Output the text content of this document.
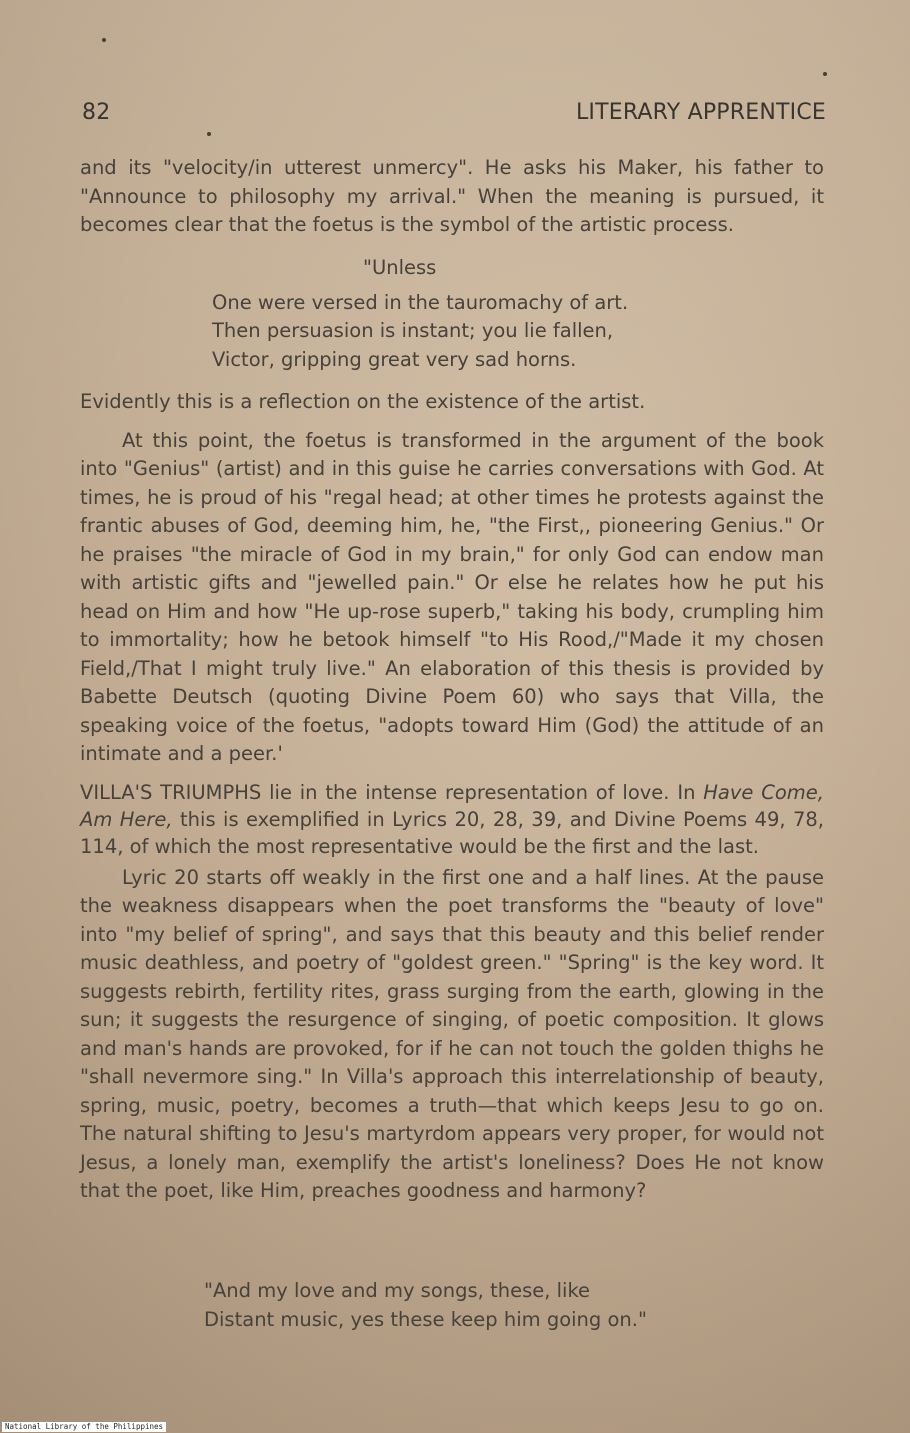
82	LITERARY APPRENTICE

and its "velocity/in utterest unmercy". He asks his Maker, his father to "Announce to philosophy my arrival." When the meaning is pursued, it becomes clear that the foetus is the symbol of the artistic process.

"Unless
One were versed in the tauromachy of art.
Then persuasion is instant; you lie fallen,
Victor, gripping great very sad horns.

Evidently this is a reflection on the existence of the artist.

At this point, the foetus is transformed in the argument of the book into "Genius" (artist) and in this guise he carries conversations with God. At times, he is proud of his "regal head; at other times he protests against the frantic abuses of God, deeming him, he, "the First,, pioneering Genius." Or he praises "the miracle of God in my brain," for only God can endow man with artistic gifts and "jewelled pain." Or else he relates how he put his head on Him and how "He up-rose superb," taking his body, crumpling him to immortality; how he betook himself "to His Rood,/"Made it my chosen Field,/That I might truly live." An elaboration of this thesis is provided by Babette Deutsch (quoting Divine Poem 60) who says that Villa, the speaking voice of the foetus, "adopts toward Him (God) the attitude of an intimate and a peer.'

VILLA'S TRIUMPHS lie in the intense representation of love. In Have Come, Am Here, this is exemplified in Lyrics 20, 28, 39, and Divine Poems 49, 78, 114, of which the most representative would be the first and the last.

Lyric 20 starts off weakly in the first one and a half lines. At the pause the weakness disappears when the poet transforms the "beauty of love" into "my belief of spring", and says that this beauty and this belief render music deathless, and poetry of "goldest green." "Spring" is the key word. It suggests rebirth, fertility rites, grass surging from the earth, glowing in the sun; it suggests the resurgence of singing, of poetic composition. It glows and man's hands are provoked, for if he can not touch the golden thighs he "shall nevermore sing." In Villa's approach this interrelationship of beauty, spring, music, poetry, becomes a truth—that which keeps Jesu to go on. The natural shifting to Jesu's martyrdom appears very proper, for would not Jesus, a lonely man, exemplify the artist's loneliness? Does He not know that the poet, like Him, preaches goodness and harmony?

"And my love and my songs, these, like
Distant music, yes these keep him going on."
National Library of the Philippines
